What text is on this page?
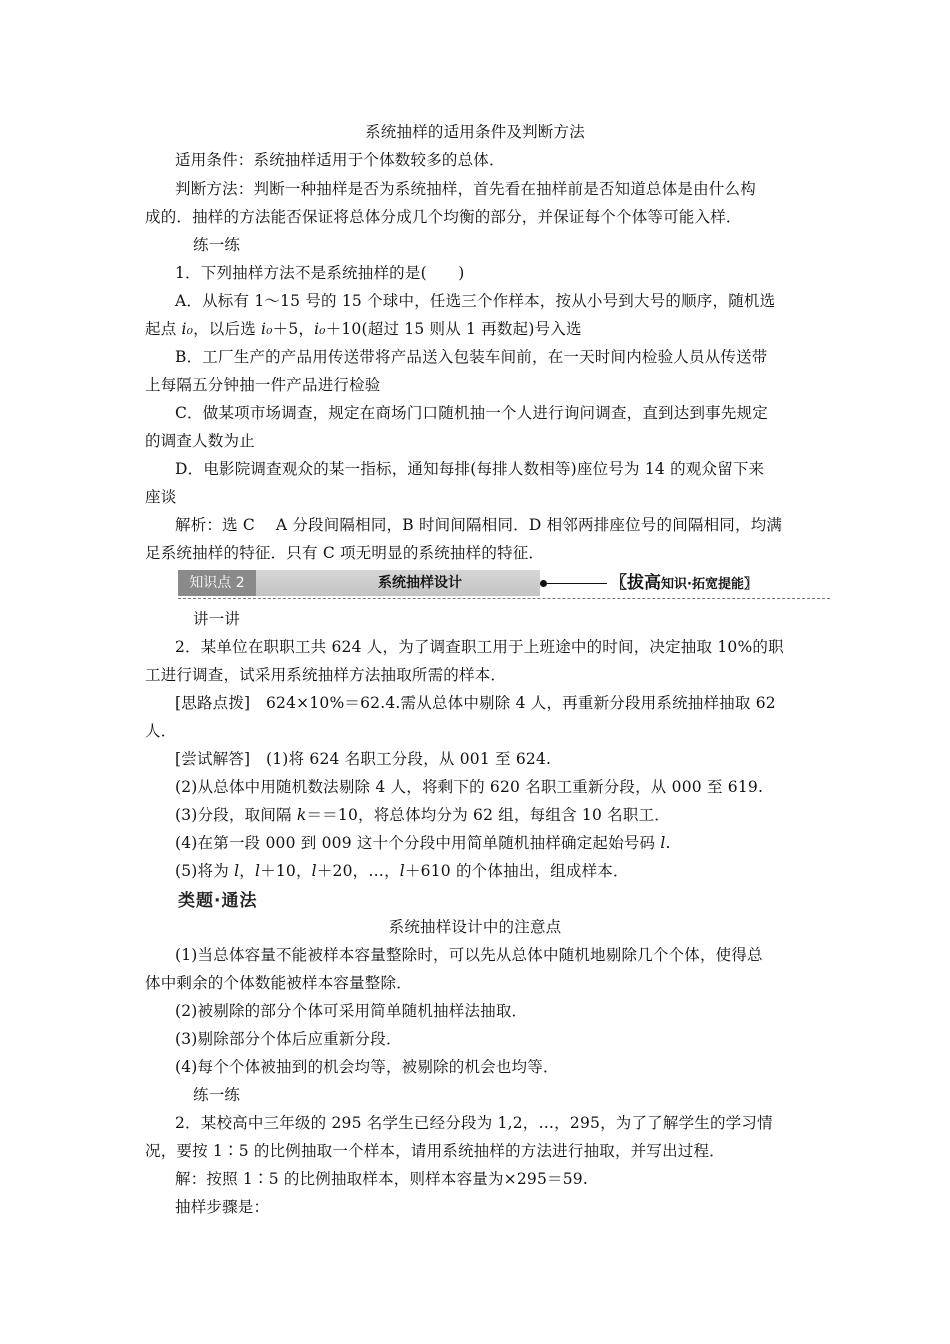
系统抽样的适用条件及判断方法
适用条件：系统抽样适用于个体数较多的总体．
判断方法：判断一种抽样是否为系统抽样，首先看在抽样前是否知道总体是由什么构
成的．抽样的方法能否保证将总体分成几个均衡的部分，并保证每个个体等可能入样．
练一练
1．下列抽样方法不是系统抽样的是(　　)
A．从标有 1～15 号的 15 个球中，任选三个作样本，按从小号到大号的顺序，随机选
起点 i₀，以后选 i₀＋5，i₀＋10(超过 15 则从 1 再数起)号入选
B．工厂生产的产品用传送带将产品送入包装车间前，在一天时间内检验人员从传送带
上每隔五分钟抽一件产品进行检验
C．做某项市场调查，规定在商场门口随机抽一个人进行询问调查，直到达到事先规定
的调查人数为止
D．电影院调查观众的某一指标，通知每排(每排人数相等)座位号为 14 的观众留下来
座谈
解析：选 C　 A 分段间隔相同，B 时间间隔相同．D 相邻两排座位号的间隔相同，均满
足系统抽样的特征．只有 C 项无明显的系统抽样的特征．
知识点 2	系统抽样设计	〖拔高知识·拓宽提能〗
讲一讲
2．某单位在职职工共 624 人，为了调查职工用于上班途中的时间，决定抽取 10%的职
工进行调查，试采用系统抽样方法抽取所需的样本．
[思路点拨]　624×10%＝62.4.需从总体中剔除 4 人，再重新分段用系统抽样抽取 62
人．
[尝试解答]　(1)将 624 名职工分段，从 001 至 624.
(2)从总体中用随机数法剔除 4 人，将剩下的 620 名职工重新分段，从 000 至 619.
(3)分段，取间隔 k＝＝10，将总体均分为 62 组，每组含 10 名职工．
(4)在第一段 000 到 009 这十个分段中用简单随机抽样确定起始号码 l.
(5)将为 l，l＋10，l＋20，…，l＋610 的个体抽出，组成样本．
类题·通法
系统抽样设计中的注意点
(1)当总体容量不能被样本容量整除时，可以先从总体中随机地剔除几个个体，使得总
体中剩余的个体数能被样本容量整除．
(2)被剔除的部分个体可采用简单随机抽样法抽取．
(3)剔除部分个体后应重新分段．
(4)每个个体被抽到的机会均等，被剔除的机会也均等．
练一练
2．某校高中三年级的 295 名学生已经分段为 1,2，…，295，为了了解学生的学习情
况，要按 1∶5 的比例抽取一个样本，请用系统抽样的方法进行抽取，并写出过程．
解：按照 1∶5 的比例抽取样本，则样本容量为×295＝59.
抽样步骤是：
